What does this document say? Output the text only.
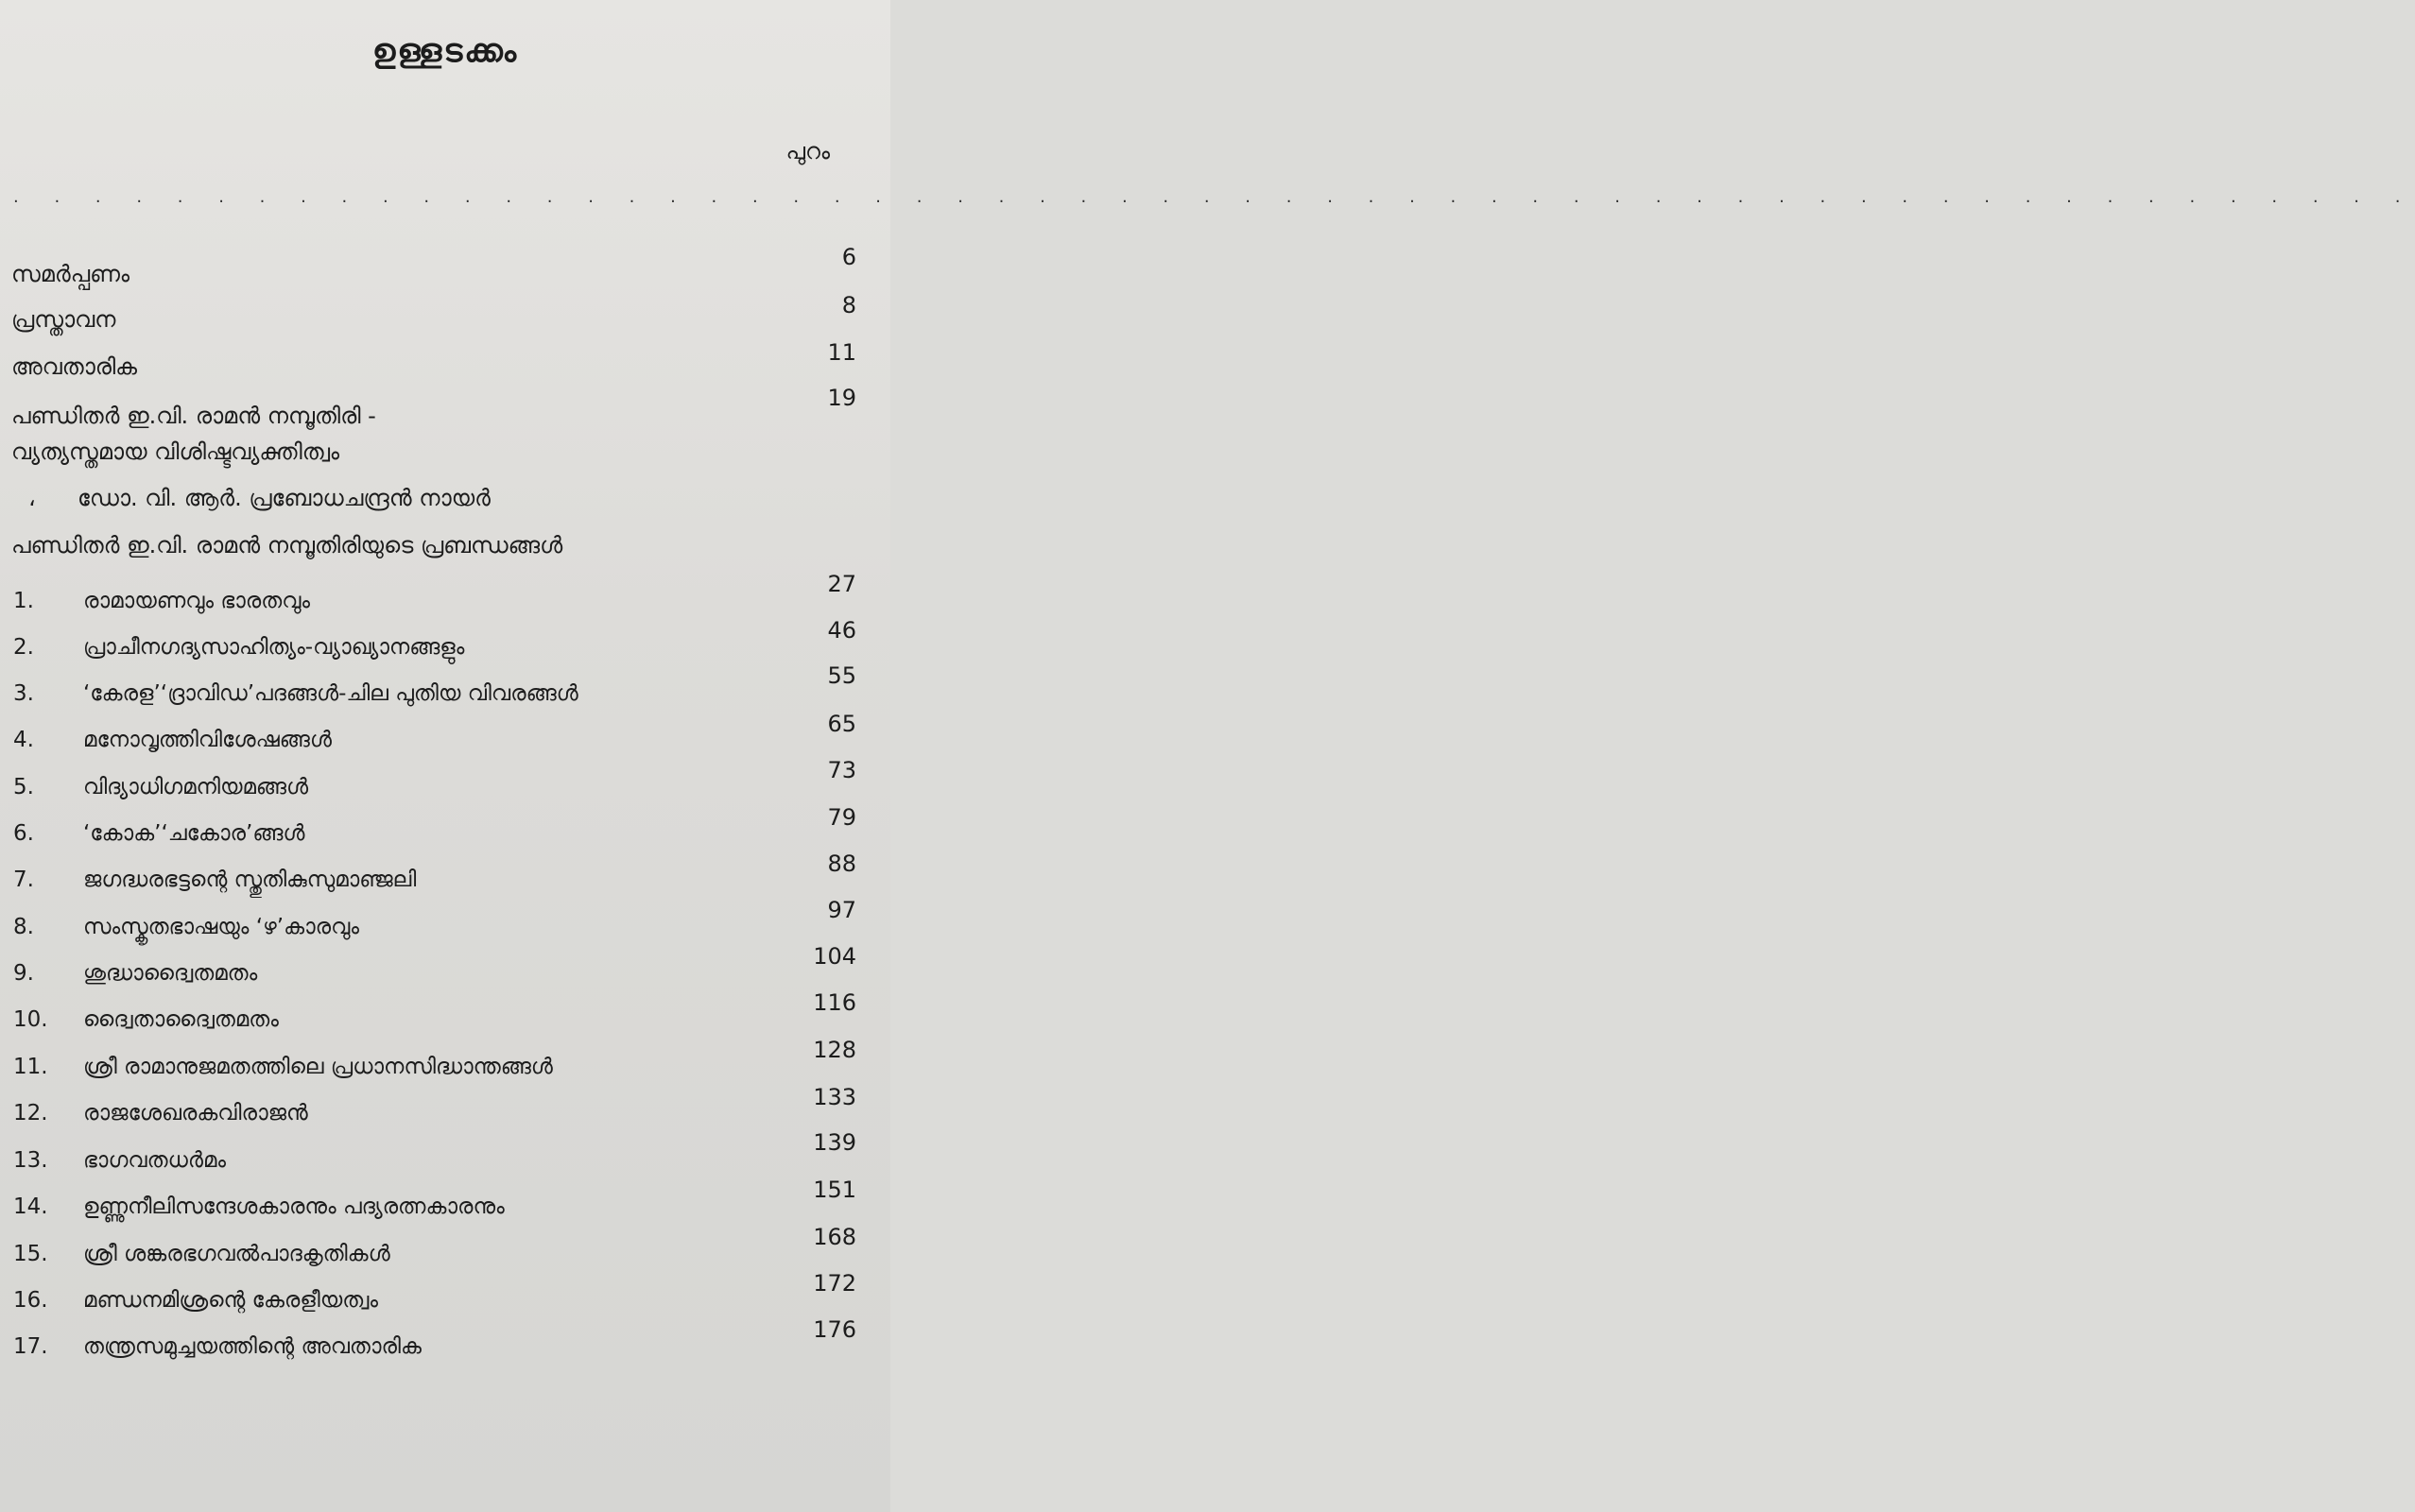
ഉള്ളടക്കം
പുറം
. . . . . . . . . . . . . . . . . . . . . . . . . . . . . . . . . . . . . . . . . . . . . . . . . . . . . . . . . . .
സമർപ്പണം
6
പ്രസ്താവന
8
അവതാരിക
11
പണ്ഡിതർ ഇ.വി. രാമൻ നമ്പൂതിരി -
19
വ്യത്യസ്തമായ വിശിഷ്ടവ്യക്തിത്വം
، ഡോ. വി. ആർ. പ്രബോധചന്ദ്രൻ നായർ
പണ്ഡിതർ ഇ.വി. രാമൻ നമ്പൂതിരിയുടെ പ്രബന്ധങ്ങൾ
1. രാമായണവും ഭാരതവും
27
2. പ്രാചീനഗദ്യസാഹിത്യം-വ്യാഖ്യാനങ്ങളും
46
3. ‘കേരള’‘ദ്രാവിഡ’പദങ്ങൾ-ചില പുതിയ വിവരങ്ങൾ
55
4. മനോവൃത്തിവിശേഷങ്ങൾ
65
5. വിദ്യാധിഗമനിയമങ്ങൾ
73
6. ‘കോക’‘ചകോര’ങ്ങൾ
79
7. ജഗദ്ധരഭട്ടന്റെ സ്തുതികുസുമാഞ്ജലി
88
8. സംസ്കൃതഭാഷയും ‘ഴ’കാരവും
97
9. ശുദ്ധാദ്വൈതമതം
104
10. ദ്വൈതാദ്വൈതമതം
116
11. ശ്രീ രാമാനുജമതത്തിലെ പ്രധാനസിദ്ധാന്തങ്ങൾ
128
12. രാജശേഖരകവിരാജൻ
133
13. ഭാഗവതധർമം
139
14. ഉണ്ണുനീലിസന്ദേശകാരനും പദ്യരത്നകാരനും
151
15. ശ്രീ ശങ്കരഭഗവൽപാദകൃതികൾ
168
16. മണ്ഡനമിശ്രന്റെ കേരളീയത്വം
172
17. തന്ത്രസമുച്ചയത്തിന്റെ അവതാരിക
176
